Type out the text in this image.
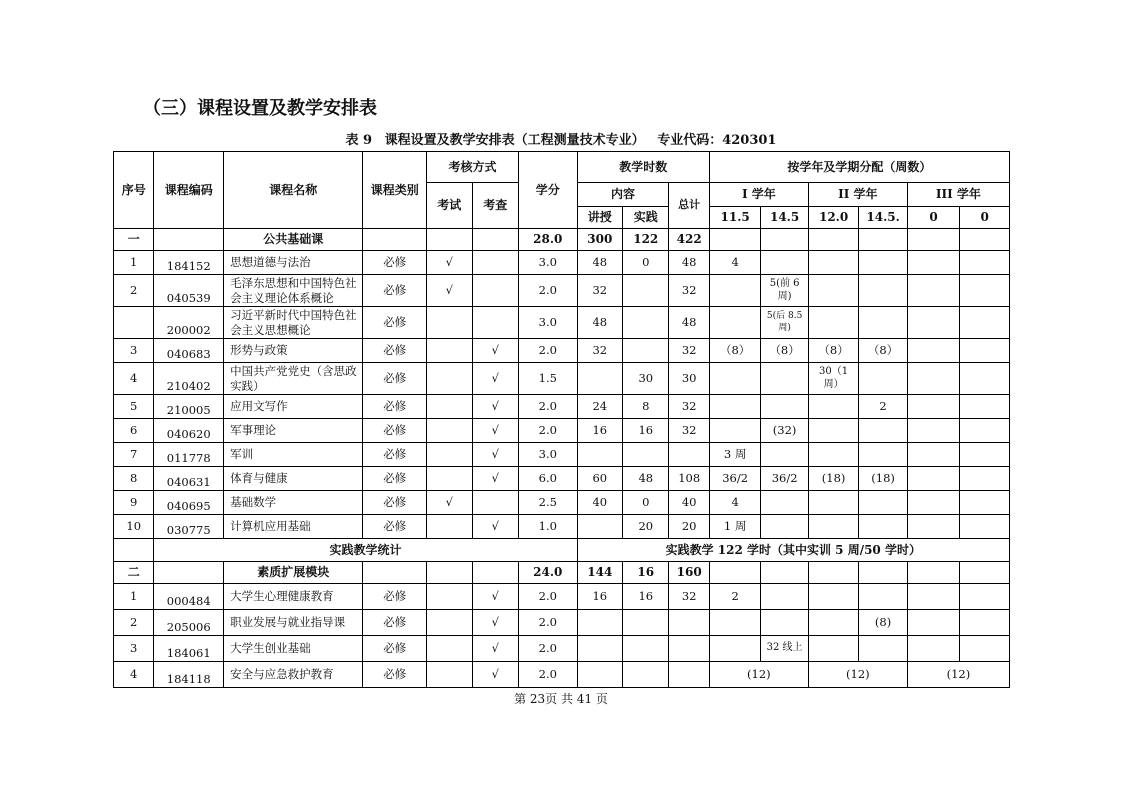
（三）课程设置及教学安排表
表 9 课程设置及教学安排表（工程测量技术专业） 专业代码：420301
序号	课程编码	课程名称	课程类别	考核方式		学分	教学时数			按学年及学期分配（周数）					
				考试	考查		内容		总计	I 学年		II 学年		III 学年	
							讲授	实践		11.5	14.5	12.0	14.5.	0	0
一		公共基础课				28.0	300	122	422						
1	184152	思想道德与法治	必修	√		3.0	48	0	48	4					
2	040539	毛泽东思想和中国特色社会主义理论体系概论	必修	√		2.0	32		32		5(前 6 周)				
	200002	习近平新时代中国特色社会主义思想概论	必修			3.0	48		48		5(后 8.5 周)				
3	040683	形势与政策	必修		√	2.0	32		32	（8）	（8）	（8）	（8）		
4	210402	中国共产党党史（含思政实践）	必修		√	1.5		30	30			30（1 周）			
5	210005	应用文写作	必修		√	2.0	24	8	32				2		
6	040620	军事理论	必修		√	2.0	16	16	32		(32)				
7	011778	军训	必修		√	3.0				3 周					
8	040631	体育与健康	必修		√	6.0	60	48	108	36/2	36/2	(18)	(18)		
9	040695	基础数学	必修	√		2.5	40	0	40	4					
10	030775	计算机应用基础	必修		√	1.0		20	20	1 周					
	实践教学统计						实践教学 122 学时（其中实训 5 周/50 学时）								
二		素质扩展模块				24.0	144	16	160						
1	000484	大学生心理健康教育	必修		√	2.0	16	16	32	2					
2	205006	职业发展与就业指导课	必修		√	2.0							(8)		
3	184061	大学生创业基础	必修		√	2.0					32 线上				
4	184118	安全与应急救护教育	必修		√	2.0				(12)		(12)		(12)	
第 23页 共 41 页
